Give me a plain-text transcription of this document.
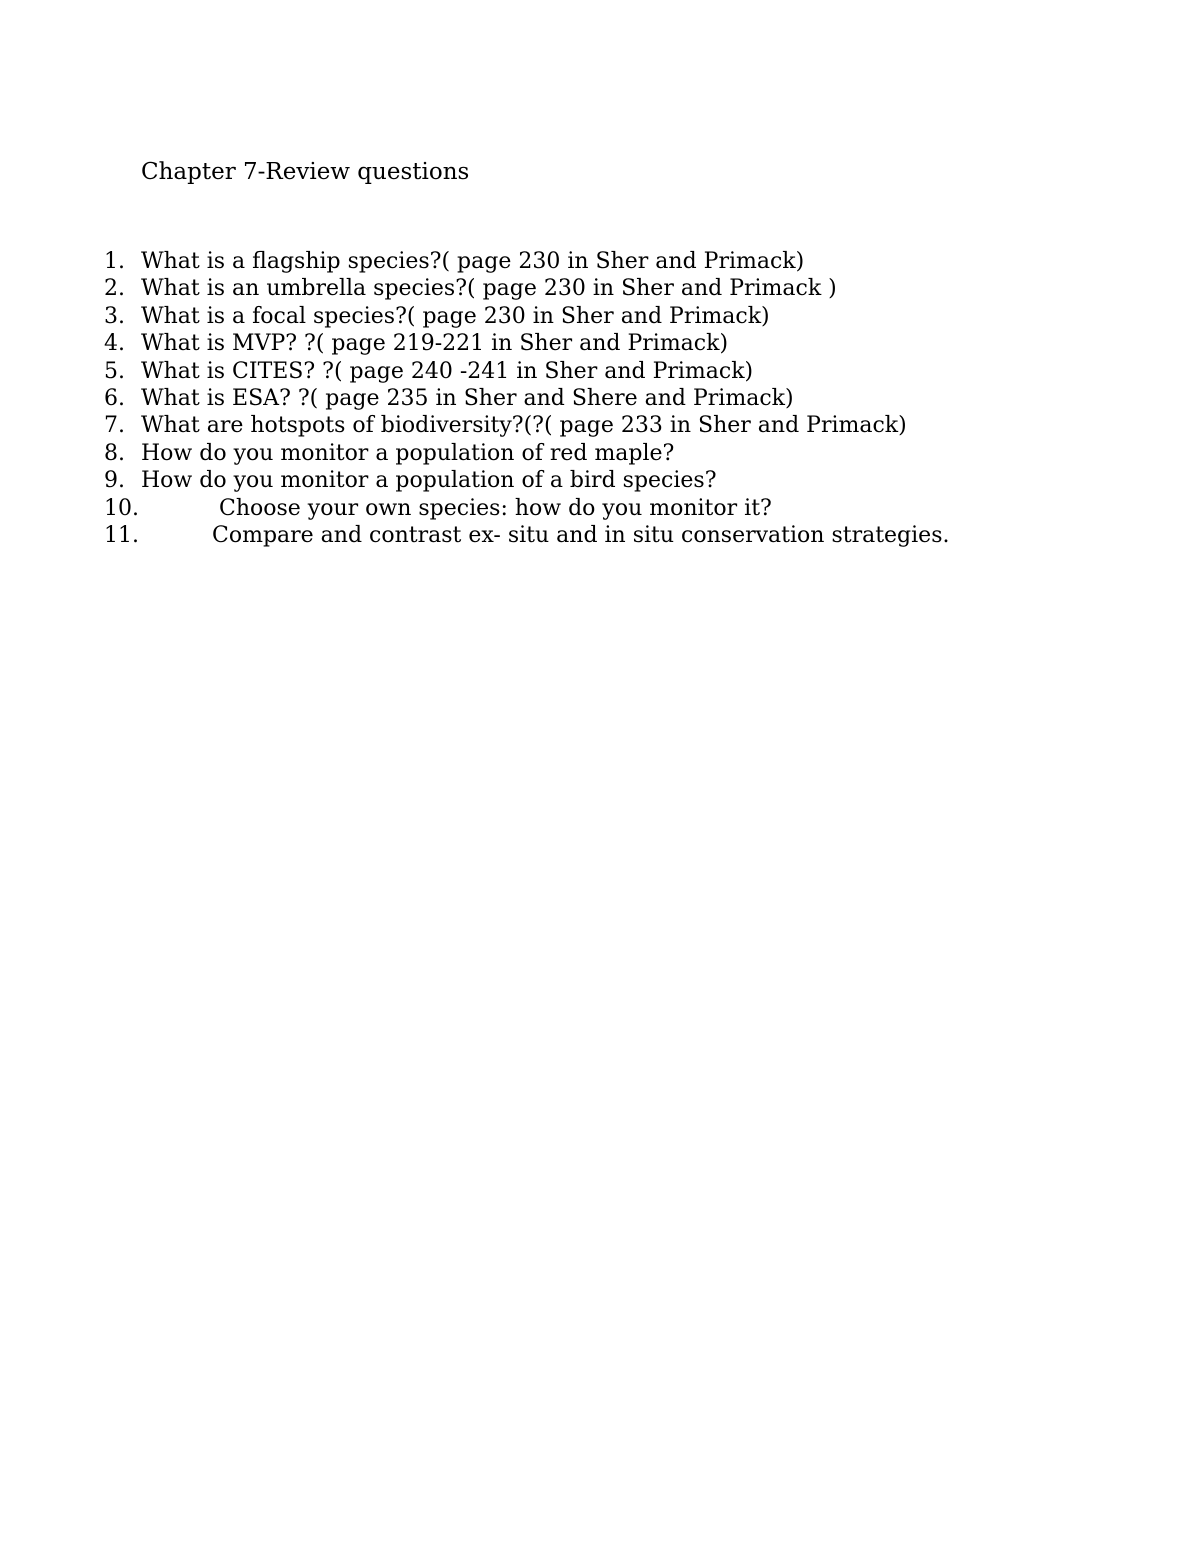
Chapter 7-Review questions
1. What is a flagship species?( page 230 in Sher and Primack)
2. What is an umbrella species?( page 230 in Sher and Primack )
3. What is a focal species?( page 230 in Sher and Primack)
4. What is MVP? ?( page 219-221 in Sher and Primack)
5. What is CITES? ?( page 240 -241 in Sher and Primack)
6. What is ESA? ?( page 235 in Sher and Shere and Primack)
7. What are hotspots of biodiversity?(?( page 233 in Sher and Primack)
8. How do you monitor a population of red maple?
9. How do you monitor a population of a bird species?
10.	Choose your own species: how do you monitor it?
11.	Compare and contrast ex- situ and in situ conservation strategies.
